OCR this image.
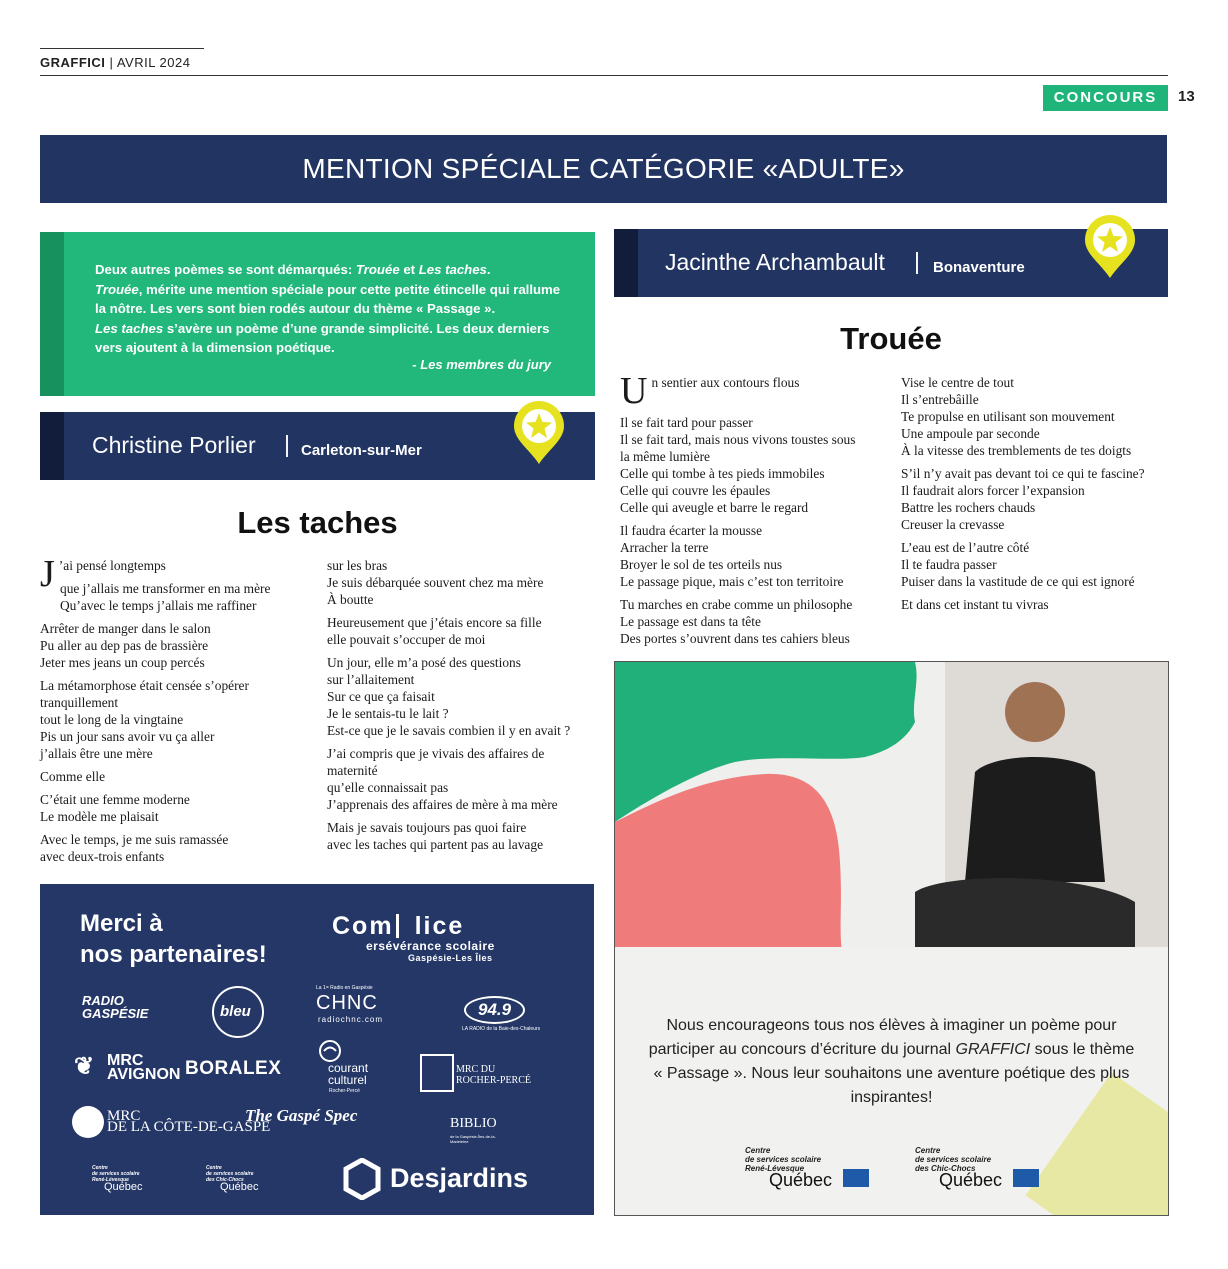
GRAFFICI | AVRIL 2024
CONCOURS	13
MENTION SPÉCIALE CATÉGORIE «ADULTE»
Deux autres poèmes se sont démarqués: Trouée et Les taches.
Trouée, mérite une mention spéciale pour cette petite étincelle qui rallume la nôtre. Les vers sont bien rodés autour du thème « Passage ».
Les taches s’avère un poème d’une grande simplicité. Les deux derniers vers ajoutent à la dimension poétique.
- Les membres du jury
Christine Porlier | Carleton-sur-Mer
Jacinthe Archambault | Bonaventure
Les taches

J ’ai pensé longtemps

que j’allais me transformer en ma mère
Qu’avec le temps j’allais me raffiner

Arrêter de manger dans le salon
Pu aller au dep pas de brassière
Jeter mes jeans un coup percés

La métamorphose était censée s’opérer
tranquillement
tout le long de la vingtaine
Pis un jour sans avoir vu ça aller
j’allais être une mère

Comme elle

C’était une femme moderne
Le modèle me plaisait

Avec le temps, je me suis ramassée
avec deux-trois enfants

sur les bras
Je suis débarquée souvent chez ma mère
À boutte

Heureusement que j’étais encore sa fille
elle pouvait s’occuper de moi

Un jour, elle m’a posé des questions
sur l’allaitement
Sur ce que ça faisait
Je le sentais-tu le lait ?
Est-ce que je le savais combien il y en avait ?

J’ai compris que je vivais des affaires de
maternité
qu’elle connaissait pas
J’apprenais des affaires de mère à ma mère

Mais je savais toujours pas quoi faire
avec les taches qui partent pas au lavage

Trouée

Un sentier aux contours flous

Il se fait tard pour passer
Il se fait tard, mais nous vivons toustes sous
la même lumière
Celle qui tombe à tes pieds immobiles
Celle qui couvre les épaules
Celle qui aveugle et barre le regard

Il faudra écarter la mousse
Arracher la terre
Broyer le sol de tes orteils nus
Le passage pique, mais c’est ton territoire

Tu marches en crabe comme un philosophe
Le passage est dans ta tête
Des portes s’ouvrent dans tes cahiers bleus

Vise le centre de tout
Il s’entrebâille
Te propulse en utilisant son mouvement
Une ampoule par seconde
À la vitesse des tremblements de tes doigts

S’il n’y avait pas devant toi ce qui te fascine?
Il faudrait alors forcer l’expansion
Battre les rochers chauds
Creuser la crevasse

L’eau est de l’autre côté
Il te faudra passer
Puiser dans la vastitude de ce qui est ignoré

Et dans cet instant tu vivras

Merci à
nos partenaires!
Com lice
ersévérance scolaire
Gaspésie-Les Îles
RADIO
GASPÉSIE	bleu
La 1ʳᵉ Radio en Gaspésie
CHNC
radiochnc.com
94.9
LA RADIO de la Baie-des-Chaleurs
❦ MRC
AVIGNON BORALEX	courant
culturel
Rocher-Percé
MRC DU
ROCHER-PERCÉ
MRC
DE LA CÔTE-DE-GASPÉ
The Gaspé Spec	BIBLIO
de la Gaspésie-Îles-de-la-Madeleine
Centre
de services scolaire
René-Lévesque
Québec
Centre
de services scolaire
des Chic-Chocs
Québec	Desjardins
Nous encourageons tous nos élèves à imaginer un poème pour participer au concours d’écriture du journal GRAFFICI sous le thème « Passage ». Nous leur souhaitons une aventure poétique des plus inspirantes!
Centre
de services scolaire
René-Lévesque
Québec
Centre
de services scolaire
des Chic-Chocs
Québec
